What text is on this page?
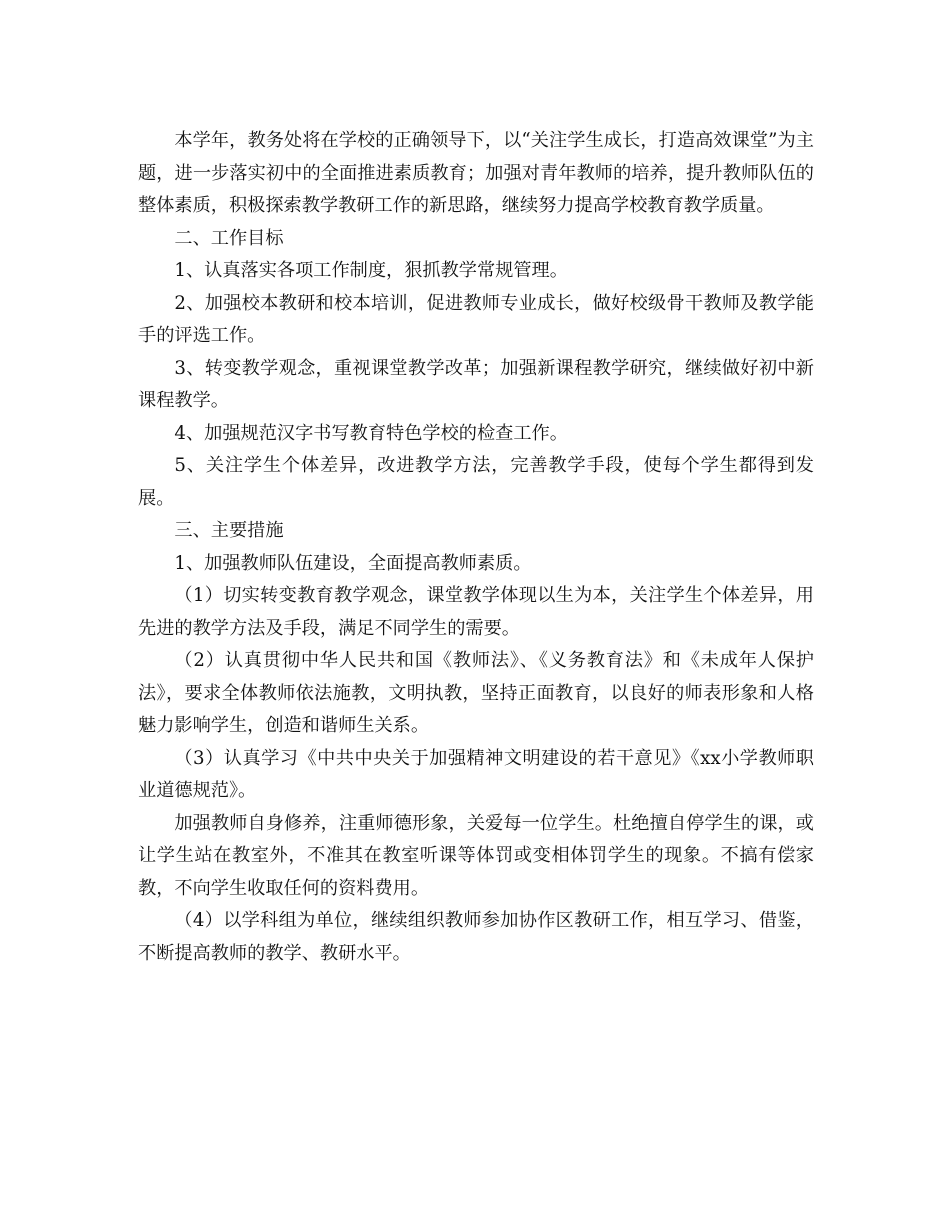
本学年，教务处将在学校的正确领导下，以“关注学生成长，打造高效课堂”为主题，进一步落实初中的全面推进素质教育；加强对青年教师的培养，提升教师队伍的整体素质，积极探索教学教研工作的新思路，继续努力提高学校教育教学质量。

二、工作目标

1、认真落实各项工作制度，狠抓教学常规管理。

2、加强校本教研和校本培训，促进教师专业成长，做好校级骨干教师及教学能手的评选工作。

3、转变教学观念，重视课堂教学改革；加强新课程教学研究，继续做好初中新课程教学。

4、加强规范汉字书写教育特色学校的检查工作。

5、关注学生个体差异，改进教学方法，完善教学手段，使每个学生都得到发展。

三、主要措施

1、加强教师队伍建设，全面提高教师素质。

（1）切实转变教育教学观念，课堂教学体现以生为本，关注学生个体差异，用先进的教学方法及手段，满足不同学生的需要。

（2）认真贯彻中华人民共和国《教师法》、《义务教育法》和《未成年人保护法》，要求全体教师依法施教，文明执教，坚持正面教育，以良好的师表形象和人格魅力影响学生，创造和谐师生关系。

（3）认真学习《中共中央关于加强精神文明建设的若干意见》《xx小学教师职业道德规范》。

加强教师自身修养，注重师德形象，关爱每一位学生。杜绝擅自停学生的课，或让学生站在教室外，不准其在教室听课等体罚或变相体罚学生的现象。不搞有偿家教，不向学生收取任何的资料费用。

（4）以学科组为单位，继续组织教师参加协作区教研工作，相互学习、借鉴，不断提高教师的教学、教研水平。
